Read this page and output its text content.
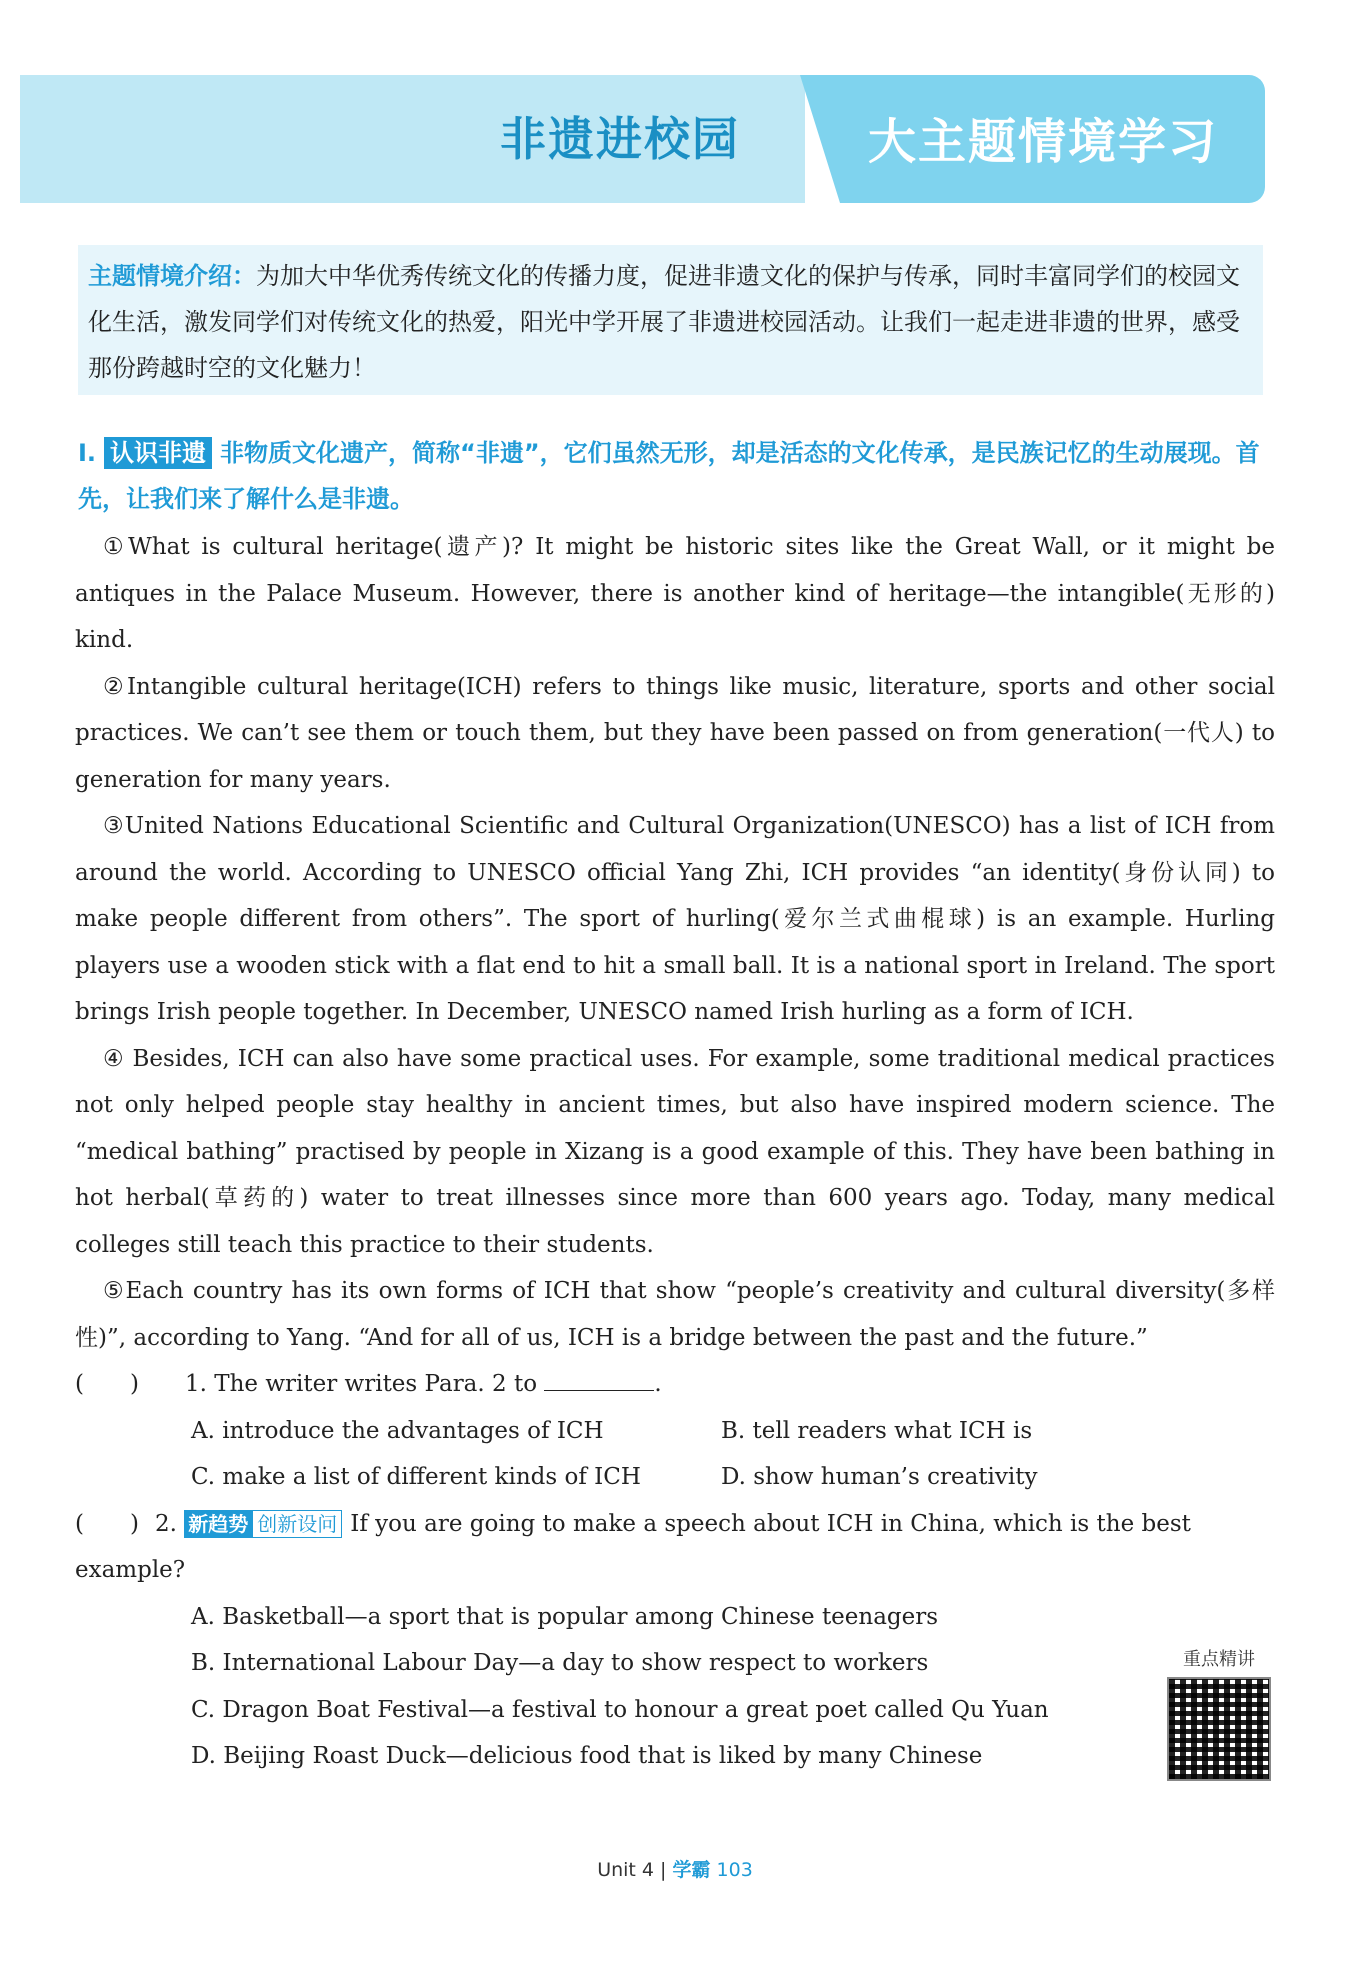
非遗进校园	大主题情境学习

主题情境介绍：为加大中华优秀传统文化的传播力度，促进非遗文化的保护与传承，同时丰富同学们的校园文化生活，激发同学们对传统文化的热爱，阳光中学开展了非遗进校园活动。让我们一起走进非遗的世界，感受那份跨越时空的文化魅力！

Ⅰ. 认识非遗 非物质文化遗产，简称“非遗”，它们虽然无形，却是活态的文化传承，是民族记忆的生动展现。首先，让我们来了解什么是非遗。

①What is cultural heritage(遗产)? It might be historic sites like the Great Wall, or it might be antiques in the Palace Museum. However, there is another kind of heritage—the intangible(无形的) kind.

②Intangible cultural heritage(ICH) refers to things like music, literature, sports and other social practices. We can’t see them or touch them, but they have been passed on from generation(一代人) to generation for many years.

③United Nations Educational Scientific and Cultural Organization(UNESCO) has a list of ICH from around the world. According to UNESCO official Yang Zhi, ICH provides “an identity(身份认同) to make people different from others”. The sport of hurling(爱尔兰式曲棍球) is an example. Hurling players use a wooden stick with a flat end to hit a small ball. It is a national sport in Ireland. The sport brings Irish people together. In December, UNESCO named Irish hurling as a form of ICH.

④ Besides, ICH can also have some practical uses. For example, some traditional medical practices not only helped people stay healthy in ancient times, but also have inspired modern science. The “medical bathing” practised by people in Xizang is a good example of this. They have been bathing in hot herbal(草药的) water to treat illnesses since more than 600 years ago. Today, many medical colleges still teach this practice to their students.

⑤Each country has its own forms of ICH that show “people’s creativity and cultural diversity(多样性)”, according to Yang. “And for all of us, ICH is a bridge between the past and the future.”

(　　) 1. The writer writes Para. 2 to	.
A. introduce the advantages of ICH	B. tell readers what ICH is
C. make a list of different kinds of ICH	D. show human’s creativity
(　　) 2. 新趋势 创新设问 If you are going to make a speech about ICH in China, which is the best example?
A. Basketball—a sport that is popular among Chinese teenagers
B. International Labour Day—a day to show respect to workers
C. Dragon Boat Festival—a festival to honour a great poet called Qu Yuan
D. Beijing Roast Duck—delicious food that is liked by many Chinese
重点精讲
Unit 4 | 学霸 103
